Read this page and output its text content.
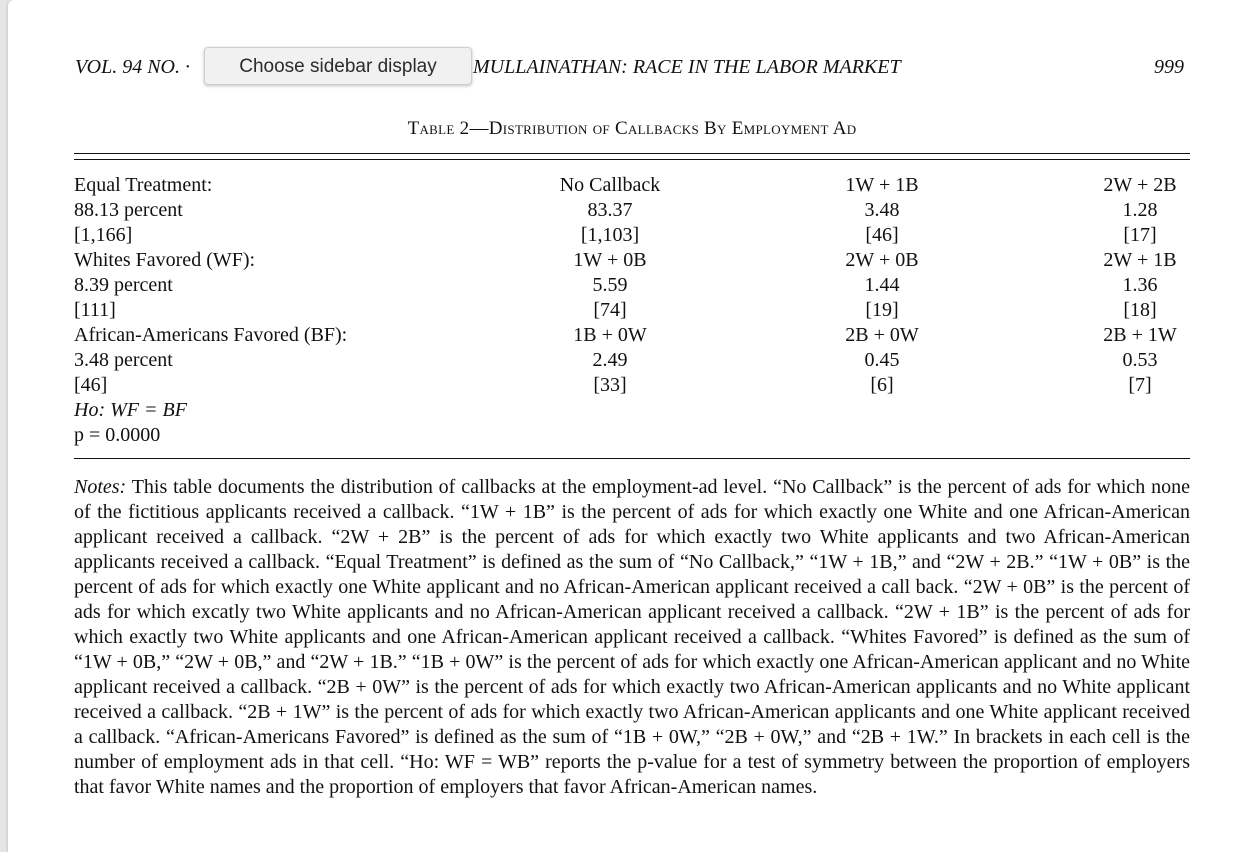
VOL. 94 NO. ·	MULLAINATHAN: RACE IN THE LABOR MARKET	999
Table 2—Distribution of Callbacks By Employment Ad
Equal Treatment:	No Callback	1W + 1B	2W + 2B
88.13 percent	83.37	3.48	1.28
[1,166]	[1,103]	[46]	[17]
Whites Favored (WF):	1W + 0B	2W + 0B	2W + 1B
8.39 percent	5.59	1.44	1.36
[111]	[74]	[19]	[18]
African-Americans Favored (BF):	1B + 0W	2B + 0W	2B + 1W
3.48 percent	2.49	0.45	0.53
[46]	[33]	[6]	[7]
Ho: WF = BF
p = 0.0000
Notes: This table documents the distribution of callbacks at the employment-ad level. “No Callback” is the percent of ads for which none of the fictitious applicants received a callback. “1W + 1B” is the percent of ads for which exactly one White and one African-American applicant received a callback. “2W + 2B” is the percent of ads for which exactly two White applicants and two African-American applicants received a callback. “Equal Treatment” is defined as the sum of “No Callback,” “1W + 1B,” and “2W + 2B.” “1W + 0B” is the percent of ads for which exactly one White applicant and no African-American applicant received a call back. “2W + 0B” is the percent of ads for which excatly two White applicants and no African-American applicant received a callback. “2W + 1B” is the percent of ads for which exactly two White applicants and one African-American applicant received a callback. “Whites Favored” is defined as the sum of “1W + 0B,” “2W + 0B,” and “2W + 1B.” “1B + 0W” is the percent of ads for which exactly one African-American applicant and no White applicant received a callback. “2B + 0W” is the percent of ads for which exactly two African-American applicants and no White applicant received a callback. “2B + 1W” is the percent of ads for which exactly two African-American applicants and one White applicant received a callback. “African-Americans Favored” is defined as the sum of “1B + 0W,” “2B + 0W,” and “2B + 1W.” In brackets in each cell is the number of employment ads in that cell. “Ho: WF = WB” reports the p-value for a test of symmetry between the proportion of employers that favor White names and the proportion of employers that favor African-American names.
Choose sidebar display
